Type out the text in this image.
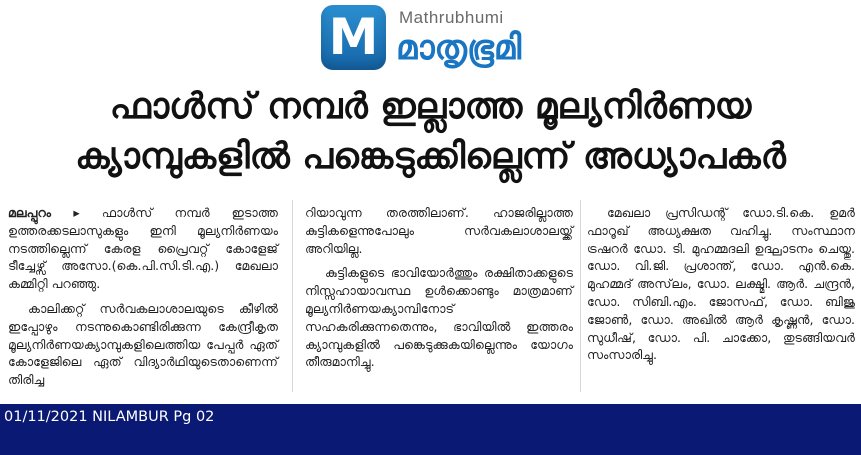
M	Mathrubhumi
മാതൃഭൂമി
ഫാൾസ് നമ്പർ ഇല്ലാത്ത മൂല്യനിർണയ
ക്യാമ്പുകളിൽ പങ്കെടുക്കില്ലെന്ന് അധ്യാപകർ

മലപ്പുറം ▸ ഫാൾസ് നമ്പർ ഇടാത്ത ഉത്തരക്കടലാസുകളും ഇനി മൂല്യനിർണയം നടത്തില്ലെന്ന് കേരള പ്രൈവറ്റ് കോളേജ് ടീച്ചേഴ്സ് അസോ.(കെ.പി.സി.ടി.എ.) മേഖലാ കമ്മിറ്റി പറഞ്ഞു.

കാലിക്കറ്റ് സർവകലാശാലയുടെ കീഴിൽ ഇപ്പോഴും നടന്നുകൊണ്ടിരിക്കുന്ന കേന്ദ്രീകൃത മൂല്യനിർണയക്യാമ്പുകളിലെത്തിയ പേപ്പർ ഏത് കോളേജിലെ ഏത് വിദ്യാർഥിയുടെതാണെന്ന് തിരിച്ച

റിയാവുന്ന തരത്തിലാണ്. ഹാജരില്ലാത്ത കുട്ടികളെന്നുപോലും സർവകലാശാലയ്ക്ക് അറിയില്ല.

കുട്ടികളുടെ ഭാവിയോർത്തും രക്ഷിതാക്കളുടെ നിസ്സഹായാവസ്ഥ ഉൾക്കൊണ്ടും മാത്രമാണ് മൂല്യനിർണയക്യാമ്പിനോട് സഹകരിക്കുന്നതെന്നും, ഭാവിയിൽ ഇത്തരം ക്യാമ്പുകളിൽ പങ്കെടുക്കുകയില്ലെന്നും യോഗം തീരുമാനിച്ചു.

മേഖലാ പ്രസിഡന്റ് ഡോ.ടി.കെ. ഉമർ ഫാറൂഖ് അധ്യക്ഷത വഹിച്ചു. സംസ്ഥാന ട്രഷറർ ഡോ. ടി. മുഹമ്മദലി ഉദ്ഘാടനം ചെയ്തു. ഡോ. വി.ജി. പ്രശാന്ത്, ഡോ. എൻ.കെ. മുഹമ്മദ് അസ്‌ലം, ഡോ. ലക്ഷ്മി. ആർ. ചന്ദ്രൻ, ഡോ. സിബി.എം. ജോസഫ്, ഡോ. ബിജു ജോൺ, ഡോ. അഖിൽ ആർ കൃഷ്ണൻ, ഡോ. സുധീഷ്, ഡോ. പി. ചാക്കോ, തുടങ്ങിയവർ സംസാരിച്ചു.

01/11/2021 NILAMBUR Pg 02
